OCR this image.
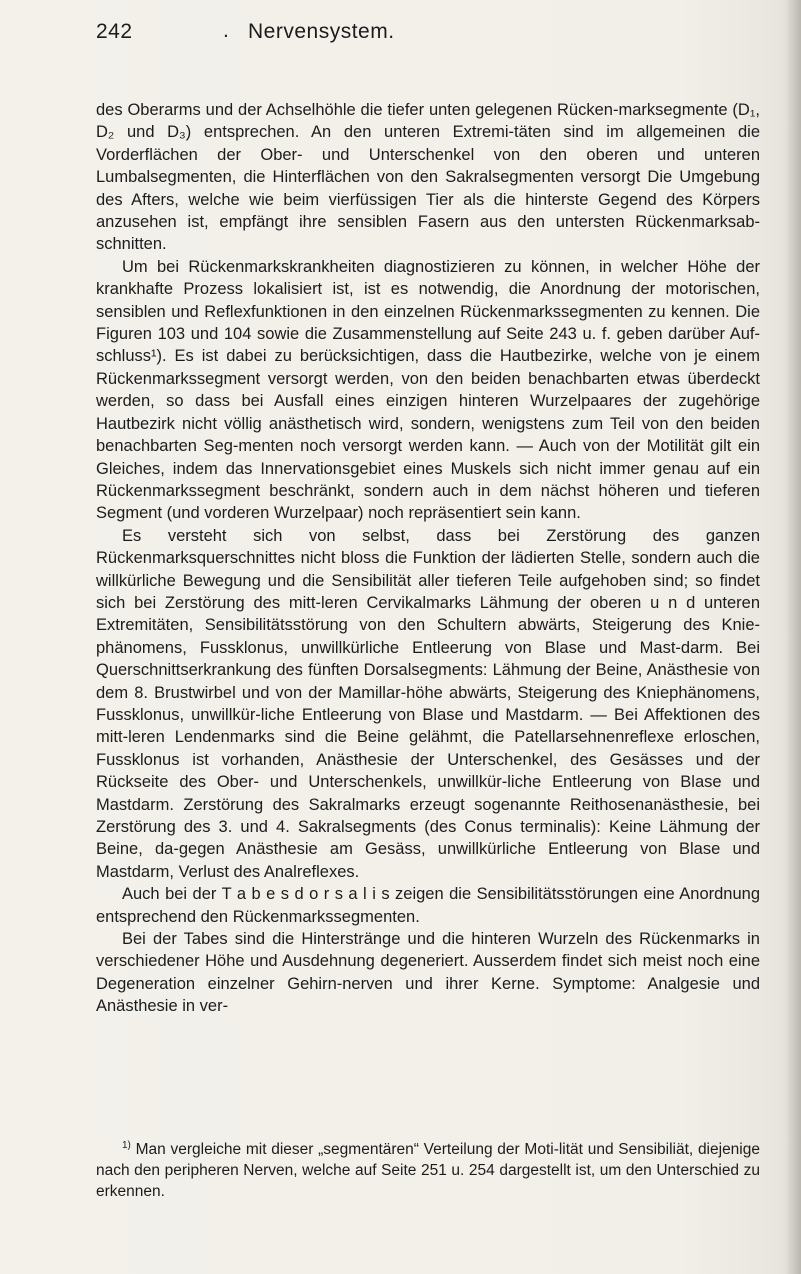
242	. Nervensystem.

des Oberarms und der Achselhöhle die tiefer unten gelegenen Rücken-marksegmente (D₁, D₂ und D₃) entsprechen. An den unteren Extremi-täten sind im allgemeinen die Vorderflächen der Ober- und Unterschenkel von den oberen und unteren Lumbalsegmenten, die Hinterflächen von den Sakralsegmenten versorgt Die Umgebung des Afters, welche wie beim vierfüssigen Tier als die hinterste Gegend des Körpers anzusehen ist, empfängt ihre sensiblen Fasern aus den untersten Rückenmarksab-schnitten.

Um bei Rückenmarkskrankheiten diagnostizieren zu können, in welcher Höhe der krankhafte Prozess lokalisiert ist, ist es notwendig, die Anordnung der motorischen, sensiblen und Reflexfunktionen in den einzelnen Rückenmarkssegmenten zu kennen. Die Figuren 103 und 104 sowie die Zusammenstellung auf Seite 243 u. f. geben darüber Auf-schluss¹). Es ist dabei zu berücksichtigen, dass die Hautbezirke, welche von je einem Rückenmarkssegment versorgt werden, von den beiden benachbarten etwas überdeckt werden, so dass bei Ausfall eines einzigen hinteren Wurzelpaares der zugehörige Hautbezirk nicht völlig anästhetisch wird, sondern, wenigstens zum Teil von den beiden benachbarten Seg-menten noch versorgt werden kann. — Auch von der Motilität gilt ein Gleiches, indem das Innervationsgebiet eines Muskels sich nicht immer genau auf ein Rückenmarkssegment beschränkt, sondern auch in dem nächst höheren und tieferen Segment (und vorderen Wurzelpaar) noch repräsentiert sein kann.

Es versteht sich von selbst, dass bei Zerstörung des ganzen Rückenmarksquerschnittes nicht bloss die Funktion der lädierten Stelle, sondern auch die willkürliche Bewegung und die Sensibilität aller tieferen Teile aufgehoben sind; so findet sich bei Zerstörung des mitt-leren Cervikalmarks Lähmung der oberen u n d unteren Extremitäten, Sensibilitätsstörung von den Schultern abwärts, Steigerung des Knie-phänomens, Fussklonus, unwillkürliche Entleerung von Blase und Mast-darm. Bei Querschnittserkrankung des fünften Dorsalsegments: Lähmung der Beine, Anästhesie von dem 8. Brustwirbel und von der Mamillar-höhe abwärts, Steigerung des Kniephänomens, Fussklonus, unwillkür-liche Entleerung von Blase und Mastdarm. — Bei Affektionen des mitt-leren Lendenmarks sind die Beine gelähmt, die Patellarsehnenreflexe erloschen, Fussklonus ist vorhanden, Anästhesie der Unterschenkel, des Gesässes und der Rückseite des Ober- und Unterschenkels, unwillkür-liche Entleerung von Blase und Mastdarm. Zerstörung des Sakralmarks erzeugt sogenannte Reithosenanästhesie, bei Zerstörung des 3. und 4. Sakralsegments (des Conus terminalis): Keine Lähmung der Beine, da-gegen Anästhesie am Gesäss, unwillkürliche Entleerung von Blase und Mastdarm, Verlust des Analreflexes.

Auch bei der T a b e s d o r s a l i s zeigen die Sensibilitätsstörungen eine Anordnung entsprechend den Rückenmarkssegmenten.

Bei der Tabes sind die Hinterstränge und die hinteren Wurzeln des Rückenmarks in verschiedener Höhe und Ausdehnung degeneriert. Ausserdem findet sich meist noch eine Degeneration einzelner Gehirn-nerven und ihrer Kerne. Symptome: Analgesie und Anästhesie in ver-

$^{1)}$ Man vergleiche mit dieser „segmentären“ Verteilung der Moti-lität und Sensibiliät, diejenige nach den peripheren Nerven, welche auf Seite 251 u. 254 dargestellt ist, um den Unterschied zu erkennen.
